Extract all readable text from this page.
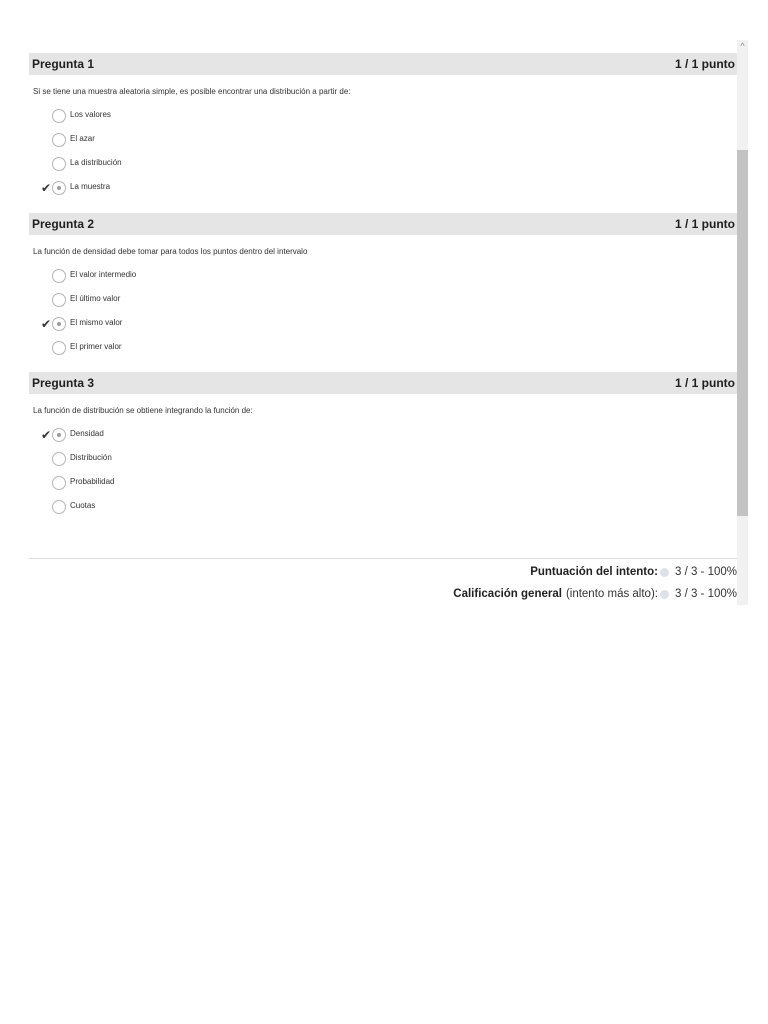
Pregunta 1	1 / 1 punto
Si se tiene una muestra aleatoria simple, es posible encontrar una distribución a partir de:
Los valores
El azar
La distribución
✔	La muestra
Pregunta 2	1 / 1 punto
La función de densidad debe tomar para todos los puntos dentro del intervalo
El valor intermedio
El último valor
✔	El mismo valor
El primer valor
Pregunta 3	1 / 1 punto
La función de distribución se obtiene integrando la función de:
✔	Densidad
Distribución
Probabilidad
Cuotas
Puntuación del intento: 3 / 3 - 100%
Calificación general (intento más alto): 3 / 3 - 100%
^
